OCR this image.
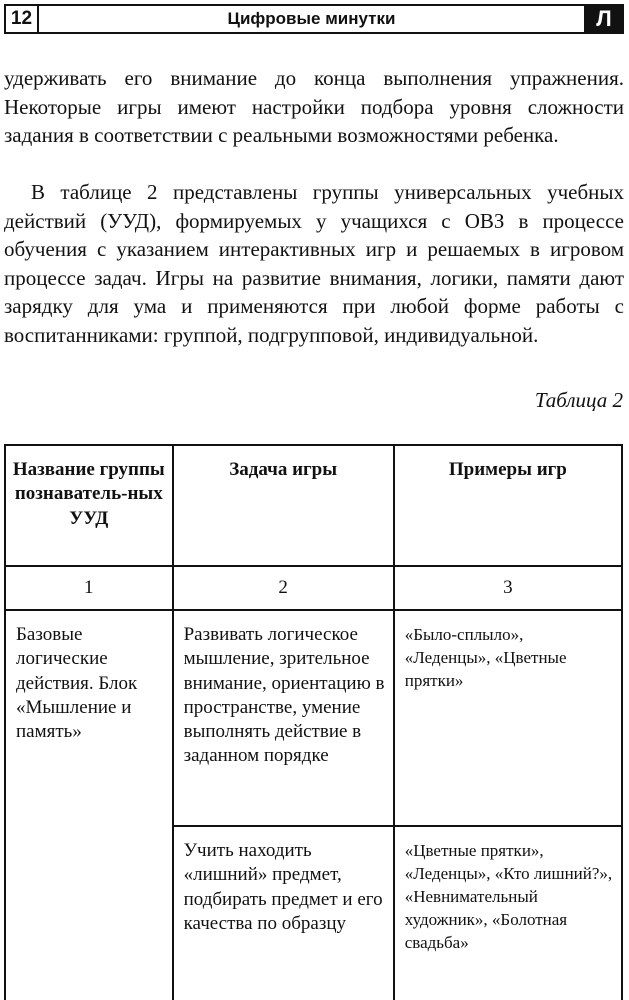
12	Цифровые минутки	Л

удерживать его внимание до конца выполнения упражнения. Некоторые игры имеют настройки подбора уровня сложности задания в соответствии с реальными возможностями ребенка.

В таблице 2 представлены группы универсальных учебных действий (УУД), формируемых у учащихся с ОВЗ в процессе обучения с указанием интерактивных игр и решаемых в игровом процессе задач. Игры на развитие внимания, логики, памяти дают зарядку для ума и применяются при любой форме работы с воспитанниками: группой, подгрупповой, индивидуальной.

Таблица 2
Название группы познаватель-ных УУД	Задача игры	Примеры игр
1	2	3
Базовые логические действия. Блок «Мышление и память»	Развивать логическое мышление, зрительное внимание, ориентацию в пространстве, умение выполнять действие в заданном порядке	«Было-сплыло», «Леденцы», «Цветные прятки»
	Учить находить «лишний» предмет, подбирать предмет и его качества по образцу	«Цветные прятки», «Леденцы», «Кто лишний?», «Невнимательный художник», «Болотная свадьба»
